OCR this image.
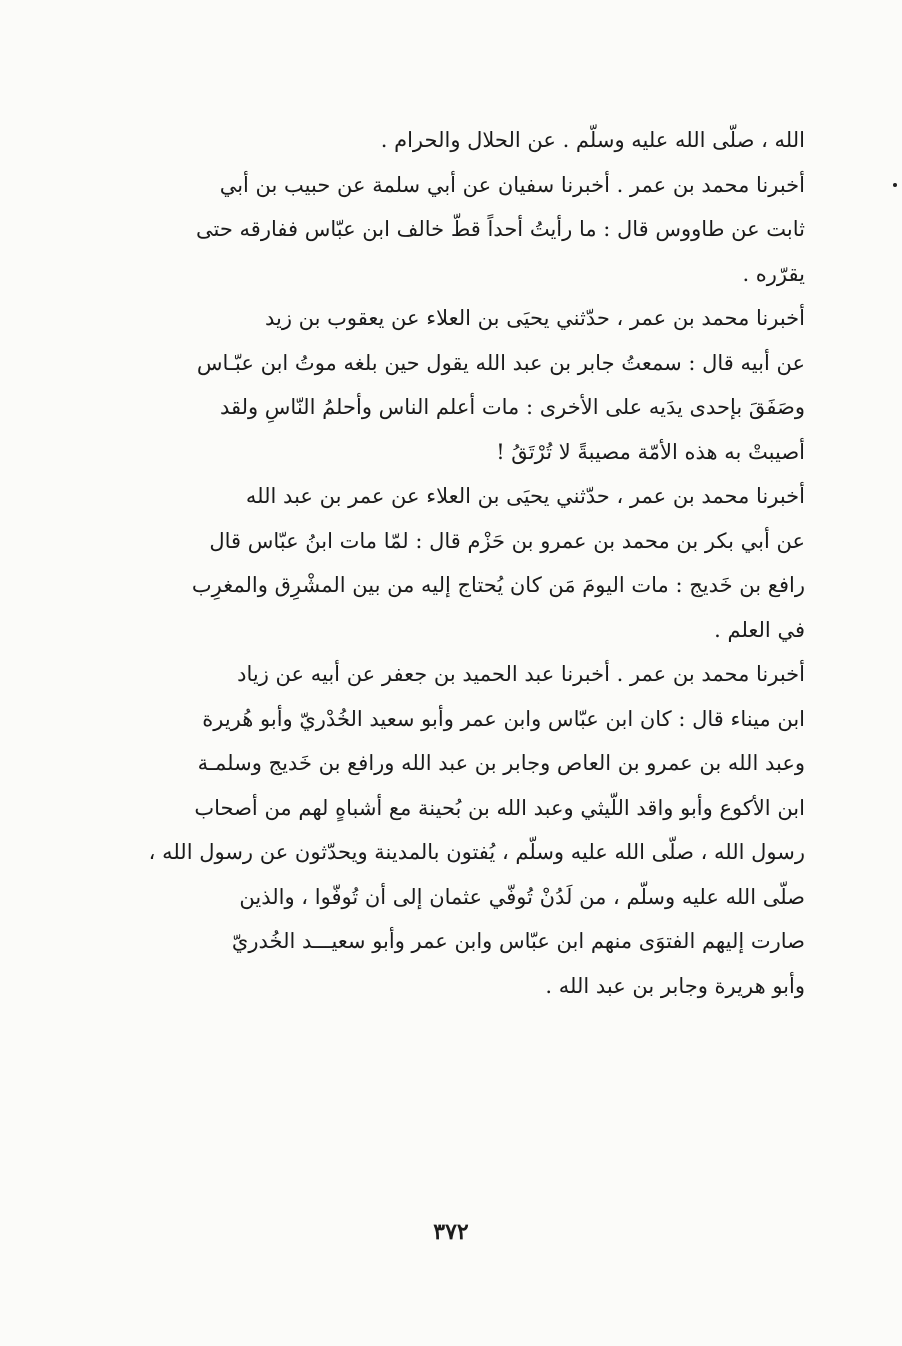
الله ، صلّى الله عليه وسلّم . عن الحلال والحرام .
أخبرنا محمد بن عمر . أخبرنا سفيان عن أبي سلمة عن حبيب بن أبي
ثابت عن طاووس قال : ما رأيتُ أحداً قطّ خالف ابن عبّاس ففارقه حتى
يقرّره .
أخبرنا محمد بن عمر ، حدّثني يحيَى بن العلاء عن يعقوب بن زيد
عن أبيه قال : سمعتُ جابر بن عبد الله يقول حين بلغه موتُ ابن عبّـاس
وصَفَقَ بإحدى يدَيه على الأخرى : مات أعلم الناس وأحلمُ النّاسِ ولقد
أصيبتْ به هذه الأمّة مصيبةً لا تُرْتَقُ !
أخبرنا محمد بن عمر ، حدّثني يحيَى بن العلاء عن عمر بن عبد الله
عن أبي بكر بن محمد بن عمرو بن حَزْم قال : لمّا مات ابنُ عبّاس قال
رافع بن خَديج : مات اليومَ مَن كان يُحتاج إليه من بين المشْرِق والمغرِب
في العلم .
أخبرنا محمد بن عمر . أخبرنا عبد الحميد بن جعفر عن أبيه عن زياد
ابن ميناء قال : كان ابن عبّاس وابن عمر وأبو سعيد الخُدْريّ وأبو هُريرة
وعبد الله بن عمرو بن العاص وجابر بن عبد الله ورافع بن خَديج وسلمـة
ابن الأكوع وأبو واقد اللّيثي وعبد الله بن بُحينة مع أشباهٍ لهم من أصحاب
رسول الله ، صلّى الله عليه وسلّم ، يُفتون بالمدينة ويحدّثون عن رسول الله ،
صلّى الله عليه وسلّم ، من لَدُنْ تُوفّي عثمان إلى أن تُوفّوا ، والذين
صارت إليهم الفتوَى منهم ابن عبّاس وابن عمر وأبو سعيـــد الخُدريّ
وأبو هريرة وجابر بن عبد الله .
٣٧٢
